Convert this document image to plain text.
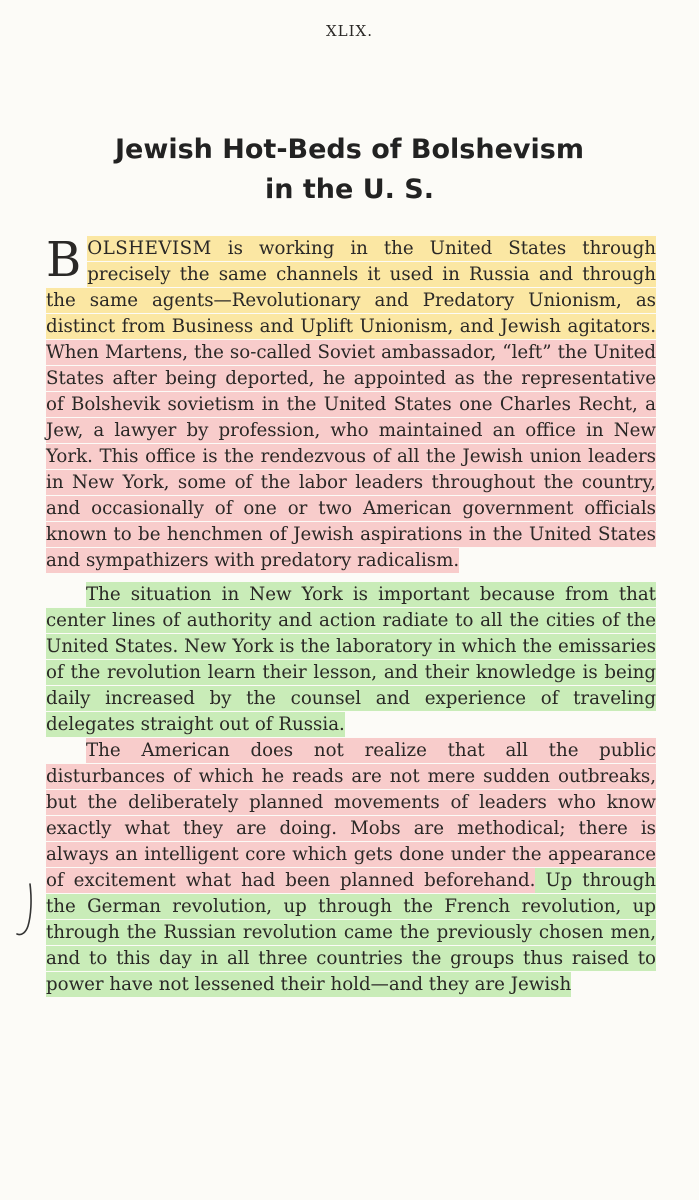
XLIX.
Jewish Hot-Beds of Bolshevism
in the U. S.
BOLSHEVISM is working in the United States through precisely the same channels it used in Russia and through the same agents—Revolutionary and Predatory Unionism, as distinct from Business and Uplift Unionism, and Jewish agitators. When Martens, the so-called Soviet ambassador, “left” the United States after being deported, he appointed as the representative of Bolshevik sovietism in the United States one Charles Recht, a Jew, a lawyer by profession, who maintained an office in New York. This office is the rendezvous of all the Jewish union leaders in New York, some of the labor leaders throughout the country, and occasionally of one or two American government officials known to be henchmen of Jewish aspirations in the United States and sympathizers with predatory radicalism.

The situation in New York is important because from that center lines of authority and action radiate to all the cities of the United States. New York is the laboratory in which the emissaries of the revolution learn their lesson, and their knowledge is being daily increased by the counsel and experience of traveling delegates straight out of Russia.

The American does not realize that all the public disturbances of which he reads are not mere sudden outbreaks, but the deliberately planned movements of leaders who know exactly what they are doing. Mobs are methodical; there is always an intelligent core which gets done under the appearance of excitement what had been planned beforehand. Up through the German revolution, up through the French revolution, up through the Russian revolution came the previously chosen men, and to this day in all three countries the groups thus raised to power have not lessened their hold—and they are Jewish
